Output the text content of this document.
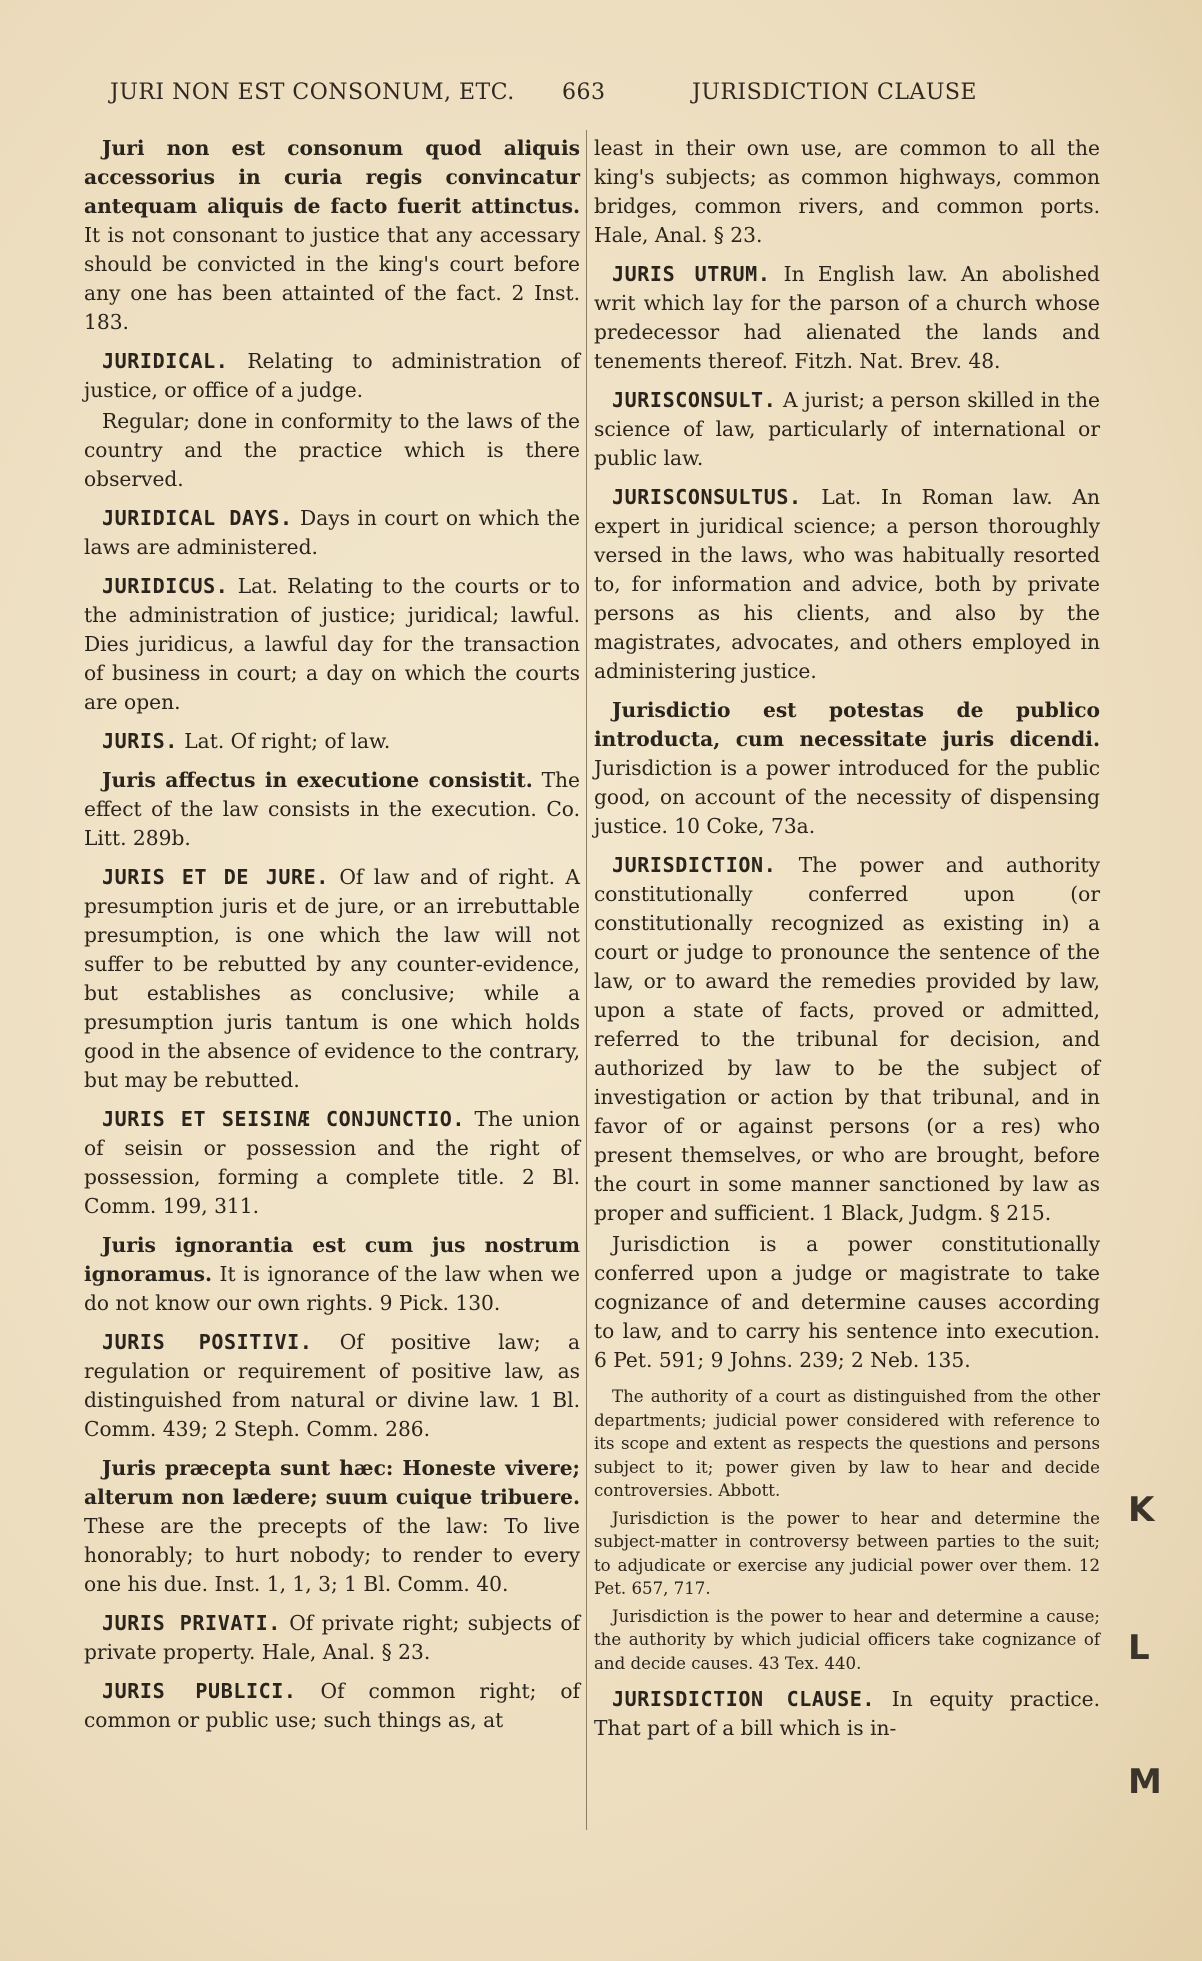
JURI NON EST CONSONUM, ETC. 663	JURISDICTION CLAUSE

Juri non est consonum quod aliquis accessorius in curia regis convincatur antequam aliquis de facto fuerit attinctus. It is not consonant to justice that any accessary should be convicted in the king's court before any one has been attainted of the fact. 2 Inst. 183.

JURIDICAL. Relating to administration of justice, or office of a judge.

Regular; done in conformity to the laws of the country and the practice which is there observed.

JURIDICAL DAYS. Days in court on which the laws are administered.

JURIDICUS. Lat. Relating to the courts or to the administration of justice; juridical; lawful. Dies juridicus, a lawful day for the transaction of business in court; a day on which the courts are open.

JURIS. Lat. Of right; of law.

Juris affectus in executione consistit. The effect of the law consists in the execution. Co. Litt. 289b.

JURIS ET DE JURE. Of law and of right. A presumption juris et de jure, or an irrebuttable presumption, is one which the law will not suffer to be rebutted by any counter-evidence, but establishes as conclusive; while a presumption juris tantum is one which holds good in the absence of evidence to the contrary, but may be rebutted.

JURIS ET SEISINÆ CONJUNCTIO. The union of seisin or possession and the right of possession, forming a complete title. 2 Bl. Comm. 199, 311.

Juris ignorantia est cum jus nostrum ignoramus. It is ignorance of the law when we do not know our own rights. 9 Pick. 130.

JURIS POSITIVI. Of positive law; a regulation or requirement of positive law, as distinguished from natural or divine law. 1 Bl. Comm. 439; 2 Steph. Comm. 286.

Juris præcepta sunt hæc: Honeste vivere; alterum non lædere; suum cuique tribuere. These are the precepts of the law: To live honorably; to hurt nobody; to render to every one his due. Inst. 1, 1, 3; 1 Bl. Comm. 40.

JURIS PRIVATI. Of private right; subjects of private property. Hale, Anal. § 23.

JURIS PUBLICI. Of common right; of common or public use; such things as, at

least in their own use, are common to all the king's subjects; as common highways, common bridges, common rivers, and common ports. Hale, Anal. § 23.

JURIS UTRUM. In English law. An abolished writ which lay for the parson of a church whose predecessor had alienated the lands and tenements thereof. Fitzh. Nat. Brev. 48.

JURISCONSULT. A jurist; a person skilled in the science of law, particularly of international or public law.

JURISCONSULTUS. Lat. In Roman law. An expert in juridical science; a person thoroughly versed in the laws, who was habitually resorted to, for information and advice, both by private persons as his clients, and also by the magistrates, advocates, and others employed in administering justice.

Jurisdictio est potestas de publico introducta, cum necessitate juris dicendi. Jurisdiction is a power introduced for the public good, on account of the necessity of dispensing justice. 10 Coke, 73a.

JURISDICTION. The power and authority constitutionally conferred upon (or constitutionally recognized as existing in) a court or judge to pronounce the sentence of the law, or to award the remedies provided by law, upon a state of facts, proved or admitted, referred to the tribunal for decision, and authorized by law to be the subject of investigation or action by that tribunal, and in favor of or against persons (or a res) who present themselves, or who are brought, before the court in some manner sanctioned by law as proper and sufficient. 1 Black, Judgm. § 215.

Jurisdiction is a power constitutionally conferred upon a judge or magistrate to take cognizance of and determine causes according to law, and to carry his sentence into execution. 6 Pet. 591; 9 Johns. 239; 2 Neb. 135.

The authority of a court as distinguished from the other departments; judicial power considered with reference to its scope and extent as respects the questions and persons subject to it; power given by law to hear and decide controversies. Abbott.

Jurisdiction is the power to hear and determine the subject-matter in controversy between parties to the suit; to adjudicate or exercise any judicial power over them. 12 Pet. 657, 717.

Jurisdiction is the power to hear and determine a cause; the authority by which judicial officers take cognizance of and decide causes. 43 Tex. 440.

JURISDICTION CLAUSE. In equity practice. That part of a bill which is in-

K
L
M
